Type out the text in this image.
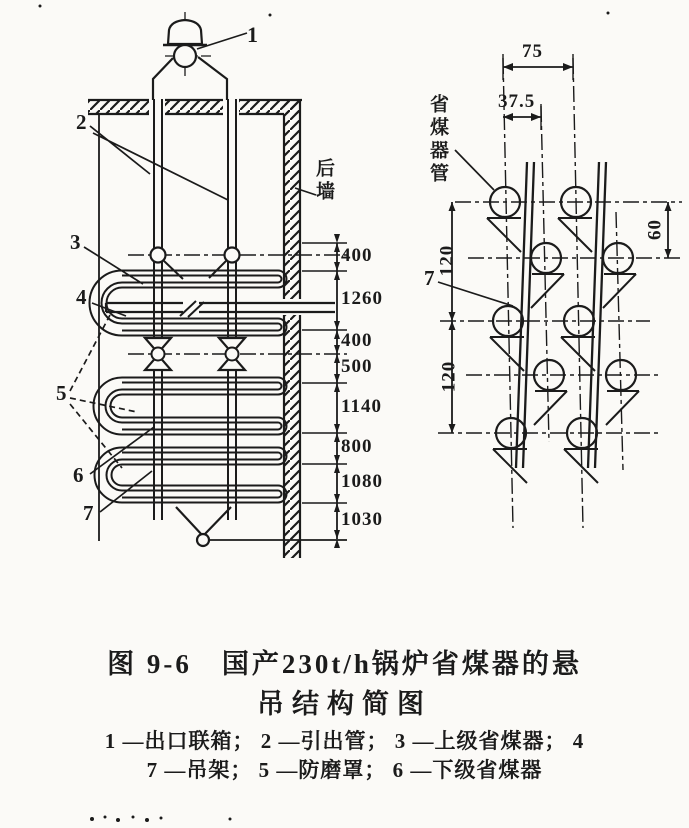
1
2
3
4
5
6
7
后墙
400
1260
400
500
1140
800
1080
1030
75
37.5
120
120
60
省煤器管
7
图 9-6　国产230t/h锅炉省煤器的悬
吊结构简图
1 —出口联箱； 2 —引出管； 3 —上级省煤器； 4
7 —吊架； 5 —防磨罩； 6 —下级省煤器
